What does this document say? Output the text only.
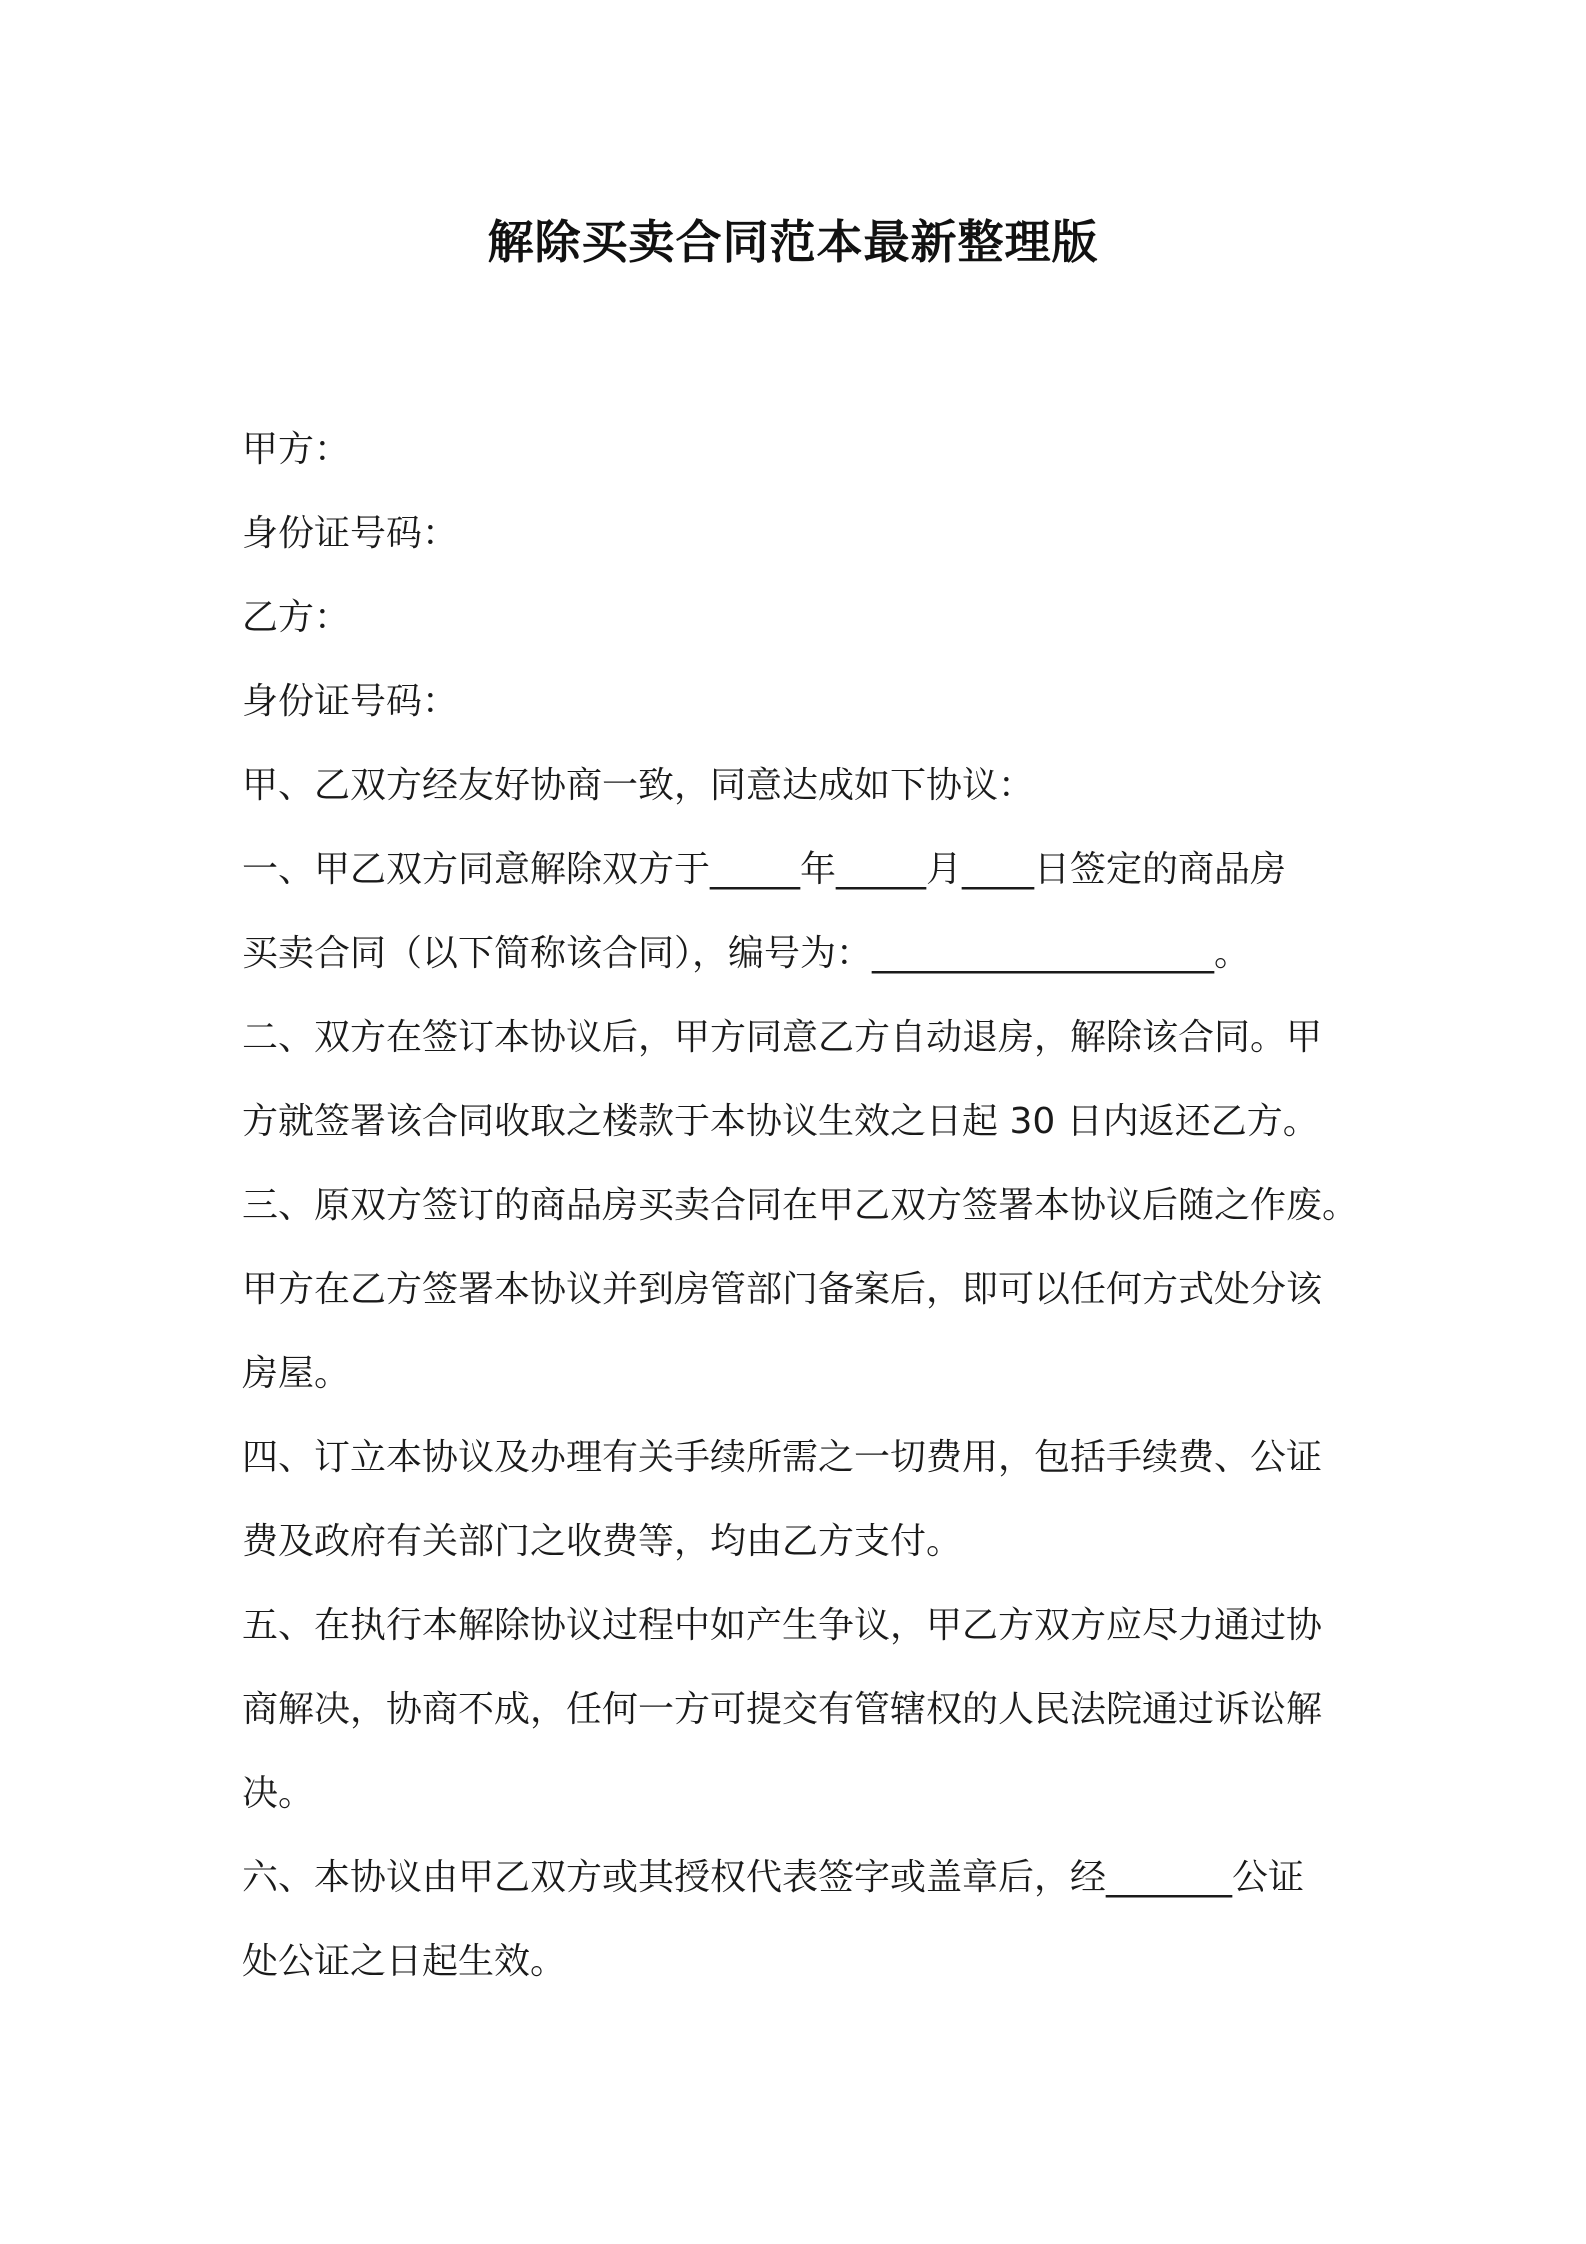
解除买卖合同范本最新整理版
甲方：
身份证号码：
乙方：
身份证号码：
甲、乙双方经友好协商一致，同意达成如下协议：
一、甲乙双方同意解除双方于_____年_____月____日签定的商品房
买卖合同（以下简称该合同），编号为：___________________。
二、双方在签订本协议后，甲方同意乙方自动退房，解除该合同。甲
方就签署该合同收取之楼款于本协议生效之日起 30 日内返还乙方。
三、原双方签订的商品房买卖合同在甲乙双方签署本协议后随之作废。
甲方在乙方签署本协议并到房管部门备案后，即可以任何方式处分该
房屋。
四、订立本协议及办理有关手续所需之一切费用，包括手续费、公证
费及政府有关部门之收费等，均由乙方支付。
五、在执行本解除协议过程中如产生争议，甲乙方双方应尽力通过协
商解决，协商不成，任何一方可提交有管辖权的人民法院通过诉讼解
决。
六、本协议由甲乙双方或其授权代表签字或盖章后，经_______公证
处公证之日起生效。
